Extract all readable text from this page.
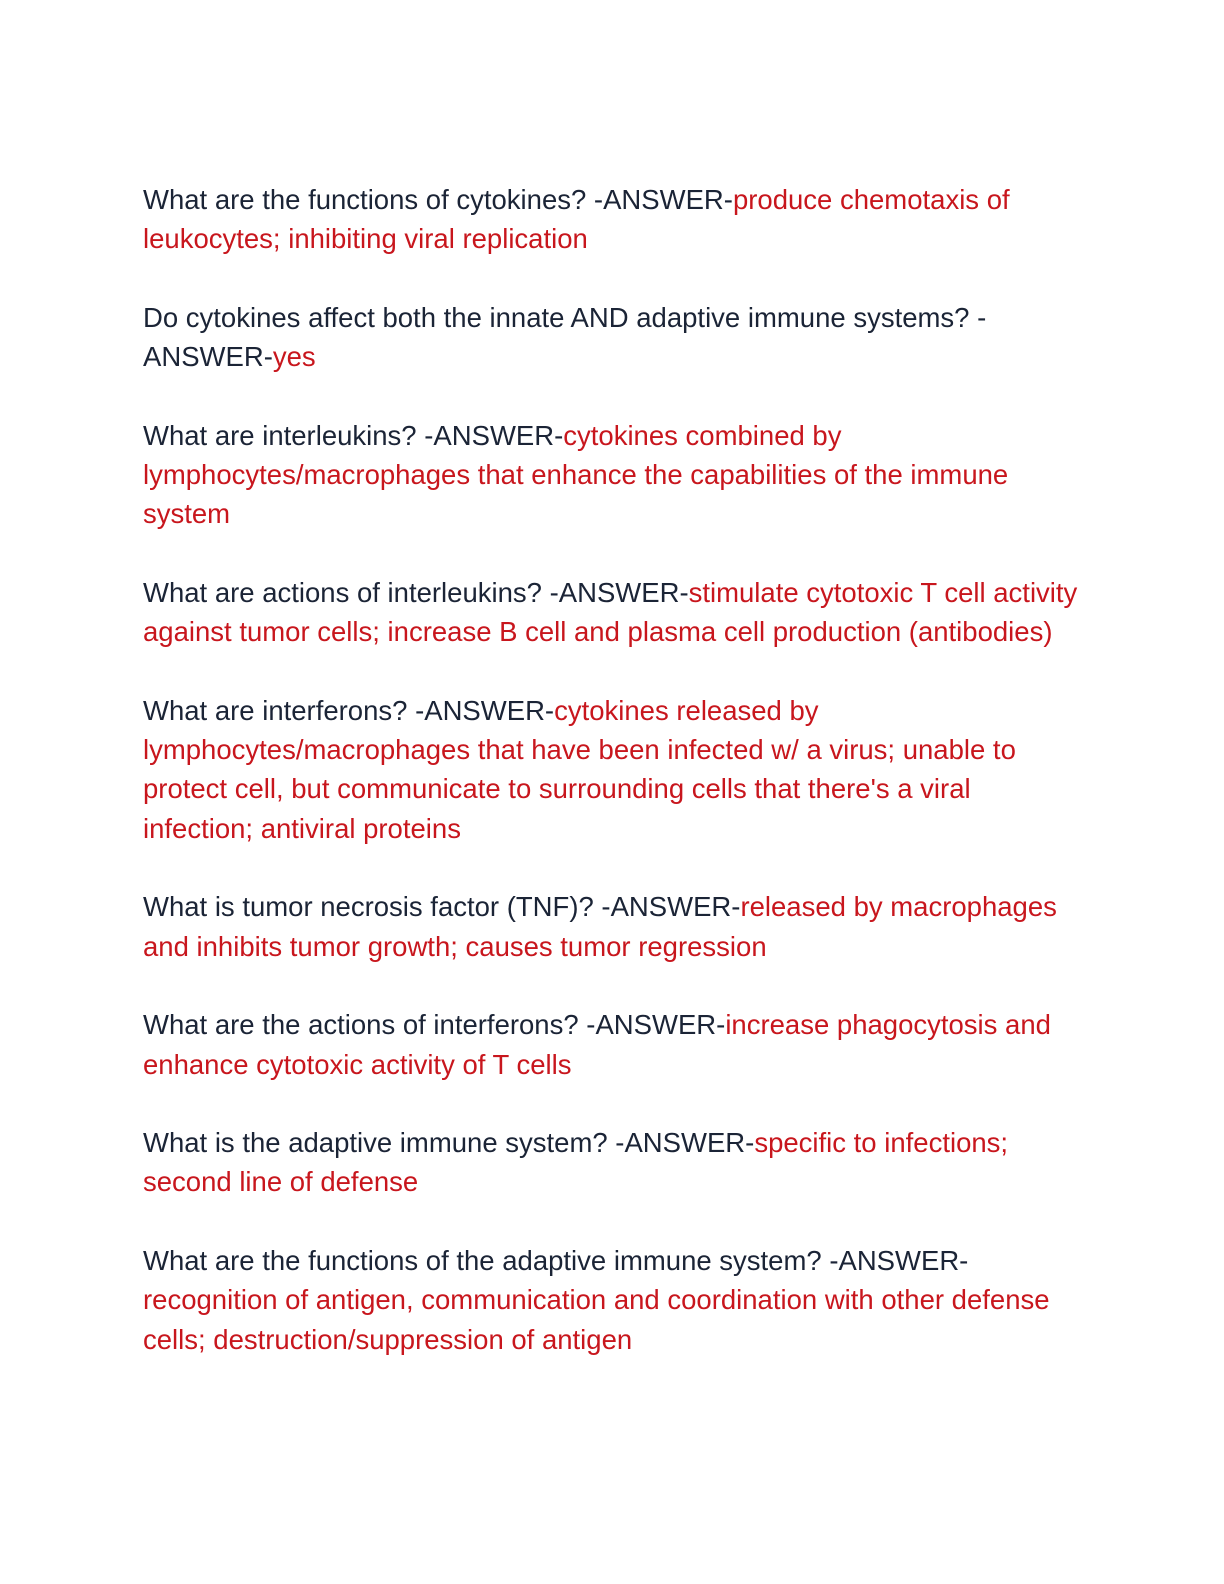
What are the functions of cytokines? -ANSWER-produce chemotaxis of leukocytes; inhibiting viral replication

Do cytokines affect both the innate AND adaptive immune systems? -ANSWER-yes

What are interleukins? -ANSWER-cytokines combined by lymphocytes/macrophages that enhance the capabilities of the immune system

What are actions of interleukins? -ANSWER-stimulate cytotoxic T cell activity against tumor cells; increase B cell and plasma cell production (antibodies)

What are interferons? -ANSWER-cytokines released by lymphocytes/macrophages that have been infected w/ a virus; unable to protect cell, but communicate to surrounding cells that there's a viral infection; antiviral proteins

What is tumor necrosis factor (TNF)? -ANSWER-released by macrophages and inhibits tumor growth; causes tumor regression

What are the actions of interferons? -ANSWER-increase phagocytosis and enhance cytotoxic activity of T cells

What is the adaptive immune system? -ANSWER-specific to infections; second line of defense

What are the functions of the adaptive immune system? -ANSWER-recognition of antigen, communication and coordination with other defense cells; destruction/suppression of antigen
